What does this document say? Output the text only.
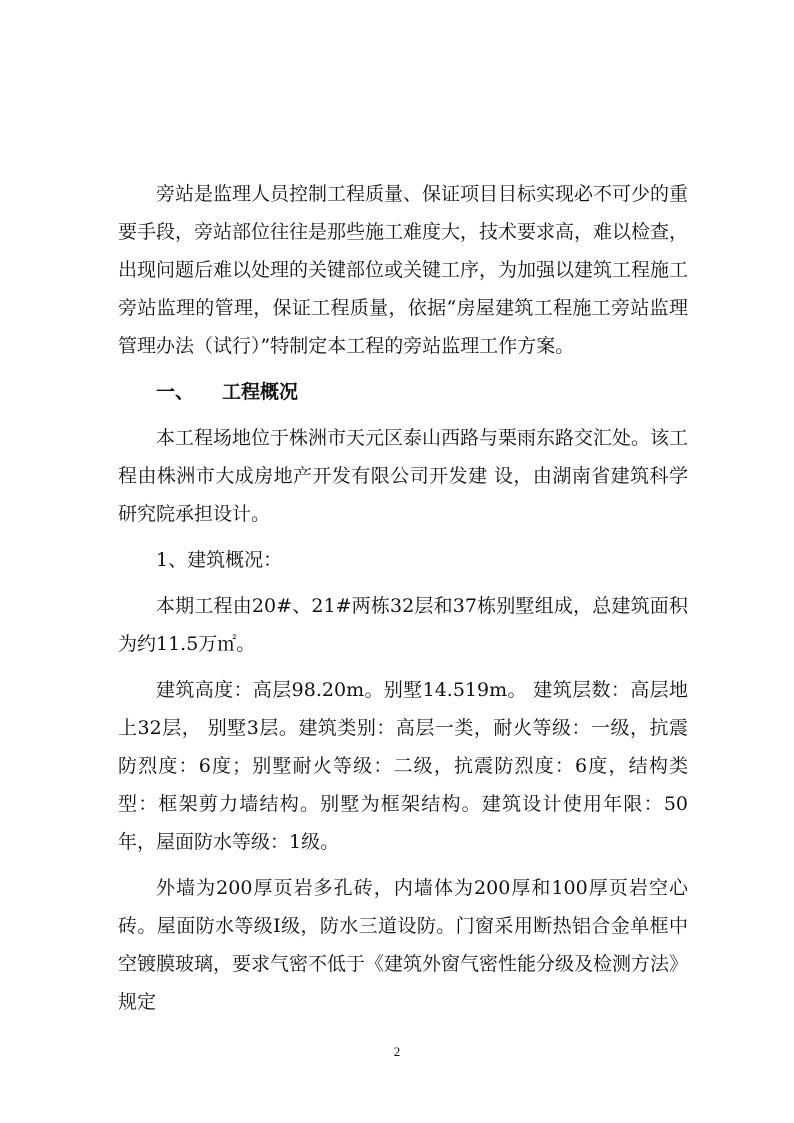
旁站是监理人员控制工程质量、保证项目目标实现必不可少的重要手段，旁站部位往往是那些施工难度大，技术要求高，难以检查，出现问题后难以处理的关键部位或关键工序，为加强以建筑工程施工旁站监理的管理，保证工程质量，依据“房屋建筑工程施工旁站监理管理办法（试行）”特制定本工程的旁站监理工作方案。

一、 工程概况

本工程场地位于株洲市天元区泰山西路与栗雨东路交汇处。该工程由株洲市大成房地产开发有限公司开发建 设，由湖南省建筑科学研究院承担设计。

1、建筑概况：

本期工程由20#、21#两栋32层和37栋别墅组成，总建筑面积为约11.5万㎡。

建筑高度：高层98.20m。别墅14.519m。 建筑层数：高层地上32层， 别墅3层。建筑类别：高层一类，耐火等级：一级，抗震防烈度：6度；别墅耐火等级：二级，抗震防烈度：6度，结构类型：框架剪力墙结构。别墅为框架结构。建筑设计使用年限：50年，屋面防水等级：1级。

外墙为200厚页岩多孔砖，内墙体为200厚和100厚页岩空心砖。屋面防水等级Ⅰ级，防水三道设防。门窗采用断热铝合金单框中空镀膜玻璃，要求气密不低于《建筑外窗气密性能分级及检测方法》规定

2
